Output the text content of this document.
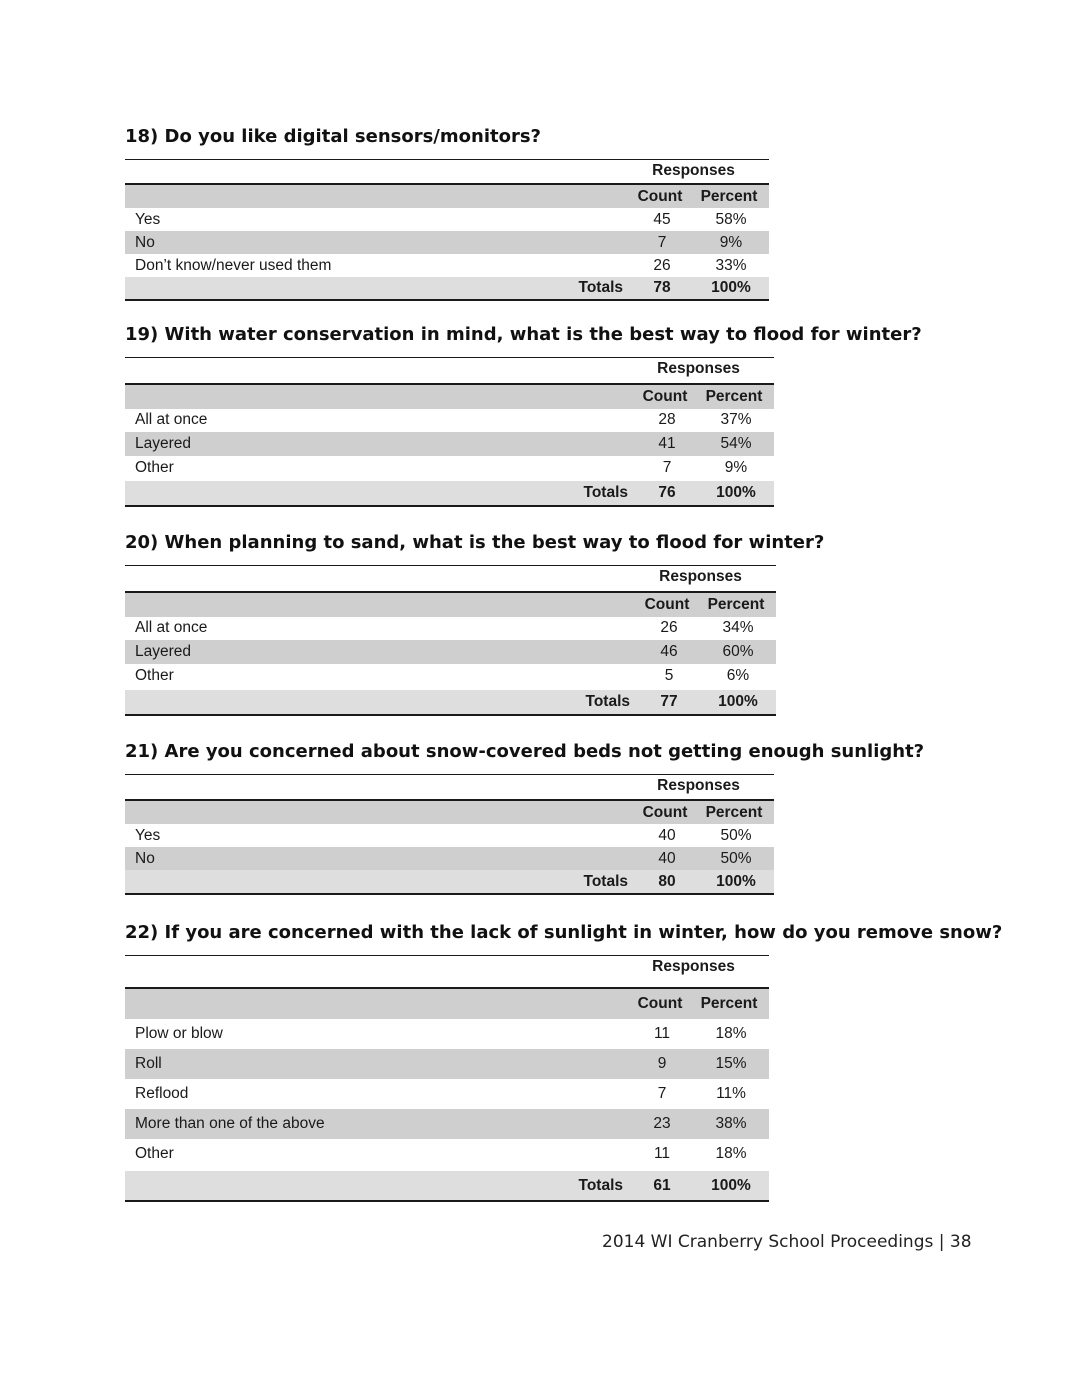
18) Do you like digital sensors/monitors?
Responses
Count	Percent
Yes	45	58%
No	7	9%
Don’t know/never used them	26	33%
Totals	78	100%
19) With water conservation in mind, what is the best way to flood for winter?
Responses
Count	Percent
All at once	28	37%
Layered	41	54%
Other	7	9%
Totals	76	100%
20) When planning to sand, what is the best way to flood for winter?
Responses
Count	Percent
All at once	26	34%
Layered	46	60%
Other	5	6%
Totals	77	100%
21) Are you concerned about snow-covered beds not getting enough sunlight?
Responses
Count	Percent
Yes	40	50%
No	40	50%
Totals	80	100%
22) If you are concerned with the lack of sunlight in winter, how do you remove snow?
Responses
Count	Percent
Plow or blow	11	18%
Roll	9	15%
Reflood	7	11%
More than one of the above	23	38%
Other	11	18%
Totals	61	100%
2014 WI Cranberry School Proceedings | 38
